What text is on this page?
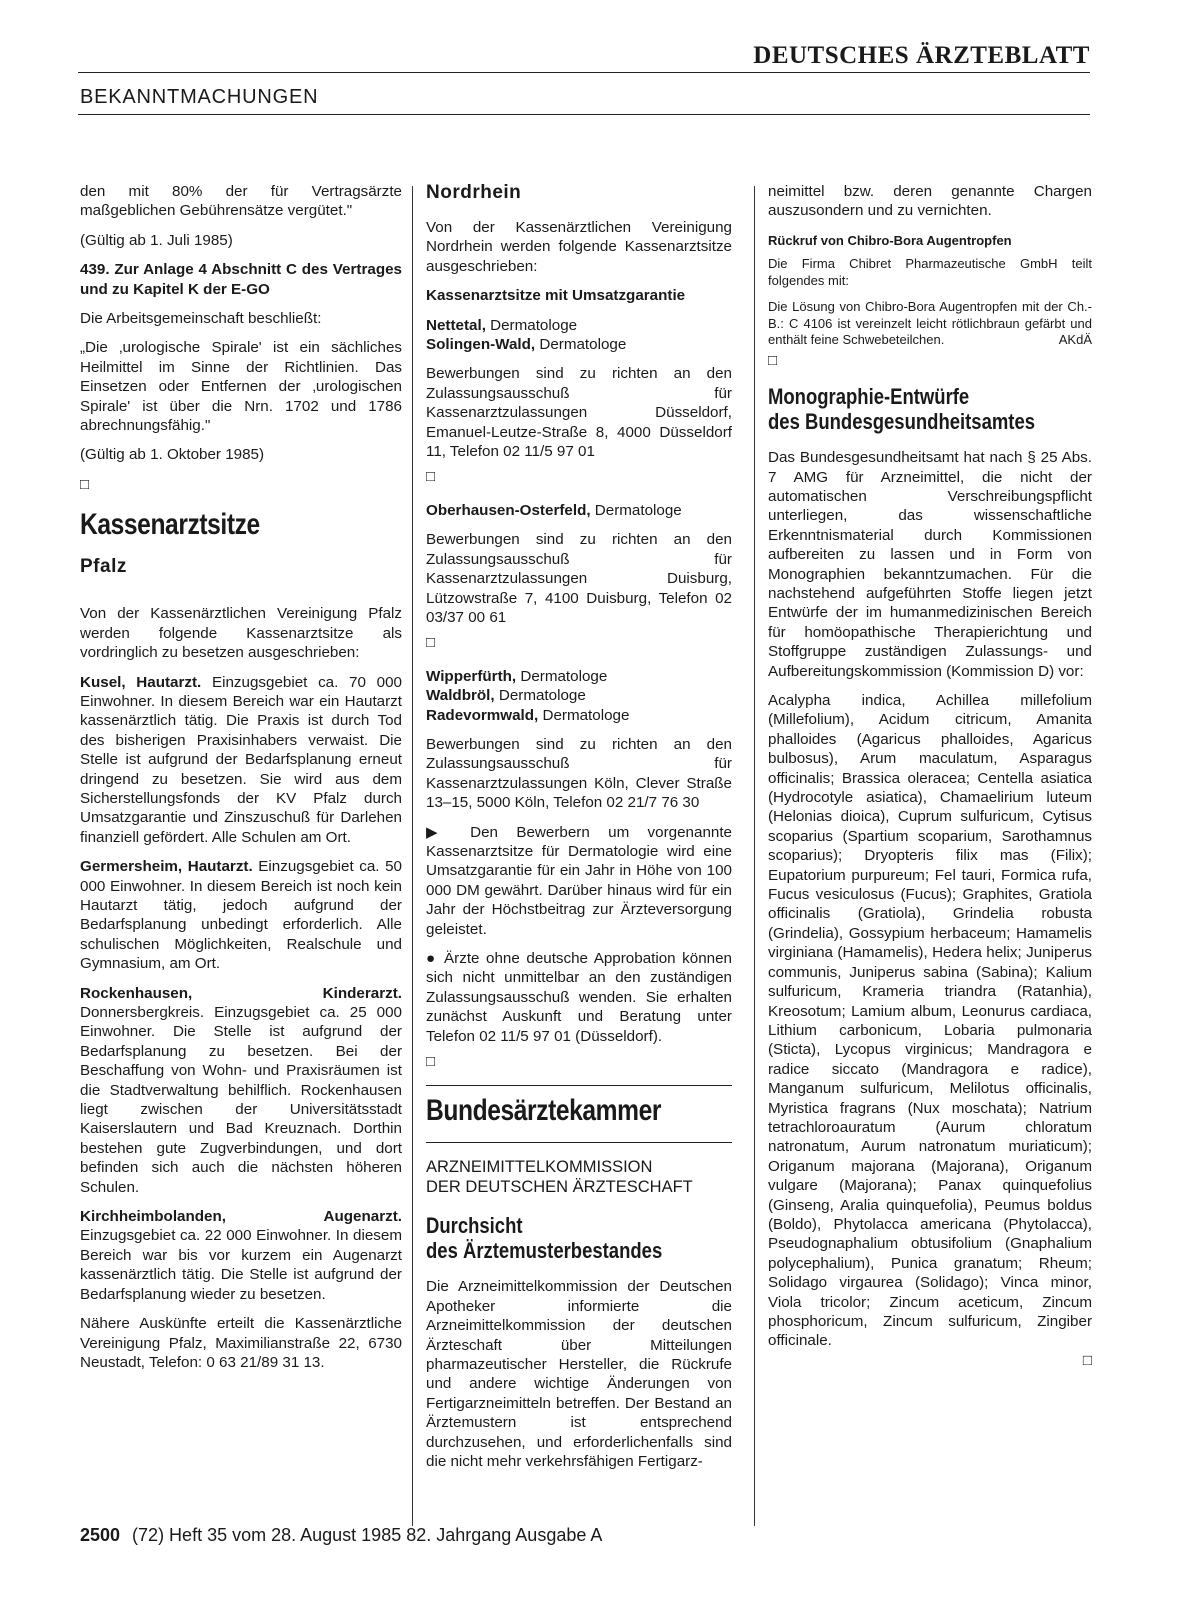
DEUTSCHES ÄRZTEBLATT
BEKANNTMACHUNGEN

den mit 80% der für Vertragsärzte maßgeblichen Gebührensätze vergütet."

(Gültig ab 1. Juli 1985)

439. Zur Anlage 4 Abschnitt C des Vertrages und zu Kapitel K der E-GO

Die Arbeitsgemeinschaft beschließt:

„Die ‚urologische Spirale' ist ein sächliches Heilmittel im Sinne der Richtlinien. Das Einsetzen oder Entfernen der ‚urologischen Spirale' ist über die Nrn. 1702 und 1786 abrechnungsfähig."

(Gültig ab 1. Oktober 1985)

□
Kassenarztsitze
Pfalz

Von der Kassenärztlichen Vereinigung Pfalz werden folgende Kassenarztsitze als vordringlich zu besetzen ausgeschrieben:

Kusel, Hautarzt. Einzugsgebiet ca. 70 000 Einwohner. In diesem Bereich war ein Hautarzt kassenärztlich tätig. Die Praxis ist durch Tod des bisherigen Praxisinhabers verwaist. Die Stelle ist aufgrund der Bedarfsplanung erneut dringend zu besetzen. Sie wird aus dem Sicherstellungsfonds der KV Pfalz durch Umsatzgarantie und Zinszuschuß für Darlehen finanziell gefördert. Alle Schulen am Ort.

Germersheim, Hautarzt. Einzugsgebiet ca. 50 000 Einwohner. In diesem Bereich ist noch kein Hautarzt tätig, jedoch aufgrund der Bedarfsplanung unbedingt erforderlich. Alle schulischen Möglichkeiten, Realschule und Gymnasium, am Ort.

Rockenhausen, Kinderarzt. Donnersbergkreis. Einzugsgebiet ca. 25 000 Einwohner. Die Stelle ist aufgrund der Bedarfsplanung zu besetzen. Bei der Beschaffung von Wohn- und Praxisräumen ist die Stadtverwaltung behilflich. Rockenhausen liegt zwischen der Universitätsstadt Kaiserslautern und Bad Kreuznach. Dorthin bestehen gute Zugverbindungen, und dort befinden sich auch die nächsten höheren Schulen.

Kirchheimbolanden, Augenarzt. Einzugsgebiet ca. 22 000 Einwohner. In diesem Bereich war bis vor kurzem ein Augenarzt kassenärztlich tätig. Die Stelle ist aufgrund der Bedarfsplanung wieder zu besetzen.

Nähere Auskünfte erteilt die Kassenärztliche Vereinigung Pfalz, Maximilianstraße 22, 6730 Neustadt, Telefon: 0 63 21/89 31 13.

Nordrhein

Von der Kassenärztlichen Vereinigung Nordrhein werden folgende Kassenarztsitze ausgeschrieben:

Kassenarztsitze mit Umsatzgarantie

Nettetal, Dermatologe

Solingen-Wald, Dermatologe

Bewerbungen sind zu richten an den Zulassungsausschuß für Kassenarztzulassungen Düsseldorf, Emanuel-Leutze-Straße 8, 4000 Düsseldorf 11, Telefon 02 11/5 97 01

□

Oberhausen-Osterfeld, Dermatologe

Bewerbungen sind zu richten an den Zulassungsausschuß für Kassenarztzulassungen Duisburg, Lützowstraße 7, 4100 Duisburg, Telefon 02 03/37 00 61

□

Wipperfürth, Dermatologe

Waldbröl, Dermatologe

Radevormwald, Dermatologe

Bewerbungen sind zu richten an den Zulassungsausschuß für Kassenarztzulassungen Köln, Clever Straße 13–15, 5000 Köln, Telefon 02 21/7 76 30

▶ Den Bewerbern um vorgenannte Kassenarztsitze für Dermatologie wird eine Umsatzgarantie für ein Jahr in Höhe von 100 000 DM gewährt. Darüber hinaus wird für ein Jahr der Höchstbeitrag zur Ärzteversorgung geleistet.

● Ärzte ohne deutsche Approbation können sich nicht unmittelbar an den zuständigen Zulassungsausschuß wenden. Sie erhalten zunächst Auskunft und Beratung unter Telefon 02 11/5 97 01 (Düsseldorf).

□
Bundesärztekammer
ARZNEIMITTELKOMMISSION
DER DEUTSCHEN ÄRZTESCHAFT
Durchsicht
des Ärztemusterbestandes

Die Arzneimittelkommission der Deutschen Apotheker informierte die Arzneimittelkommission der deutschen Ärzteschaft über Mitteilungen pharmazeutischer Hersteller, die Rückrufe und andere wichtige Änderungen von Fertigarzneimitteln betreffen. Der Bestand an Ärztemustern ist entsprechend durchzusehen, und erforderlichenfalls sind die nicht mehr verkehrsfähigen Fertigarz-

neimittel bzw. deren genannte Chargen auszusondern und zu vernichten.

Rückruf von Chibro-Bora Augentropfen

Die Firma Chibret Pharmazeutische GmbH teilt folgendes mit:

Die Lösung von Chibro-Bora Augentropfen mit der Ch.-B.: C 4106 ist vereinzelt leicht rötlichbraun gefärbt und enthält feine Schwebeteilchen.	AKdÄ

□
Monographie-Entwürfe
des Bundesgesundheitsamtes

Das Bundesgesundheitsamt hat nach § 25 Abs. 7 AMG für Arzneimittel, die nicht der automatischen Verschreibungspflicht unterliegen, das wissenschaftliche Erkenntnismaterial durch Kommissionen aufbereiten zu lassen und in Form von Monographien bekanntzumachen. Für die nachstehend aufgeführten Stoffe liegen jetzt Entwürfe der im humanmedizinischen Bereich für homöopathische Therapierichtung und Stoffgruppe zuständigen Zulassungs- und Aufbereitungskommission (Kommission D) vor:

Acalypha indica, Achillea millefolium (Millefolium), Acidum citricum, Amanita phalloides (Agaricus phalloides, Agaricus bulbosus), Arum maculatum, Asparagus officinalis; Brassica oleracea; Centella asiatica (Hydrocotyle asiatica), Chamaelirium luteum (Helonias dioica), Cuprum sulfuricum, Cytisus scoparius (Spartium scoparium, Sarothamnus scoparius); Dryopteris filix mas (Filix); Eupatorium purpureum; Fel tauri, Formica rufa, Fucus vesiculosus (Fucus); Graphites, Gratiola officinalis (Gratiola), Grindelia robusta (Grindelia), Gossypium herbaceum; Hamamelis virginiana (Hamamelis), Hedera helix; Juniperus communis, Juniperus sabina (Sabina); Kalium sulfuricum, Krameria triandra (Ratanhia), Kreosotum; Lamium album, Leonurus cardiaca, Lithium carbonicum, Lobaria pulmonaria (Sticta), Lycopus virginicus; Mandragora e radice siccato (Mandragora e radice), Manganum sulfuricum, Melilotus officinalis, Myristica fragrans (Nux moschata); Natrium tetrachloroauratum (Aurum chloratum natronatum, Aurum natronatum muriaticum); Origanum majorana (Majorana), Origanum vulgare (Majorana); Panax quinquefolius (Ginseng, Aralia quinquefolia), Peumus boldus (Boldo), Phytolacca americana (Phytolacca), Pseudognaphalium obtusifolium (Gnaphalium polycephalium), Punica granatum; Rheum; Solidago virgaurea (Solidago); Vinca minor, Viola tricolor; Zincum aceticum, Zincum phosphoricum, Zincum sulfuricum, Zingiber officinale.

□
2500 (72) Heft 35 vom 28. August 1985 82. Jahrgang Ausgabe A
